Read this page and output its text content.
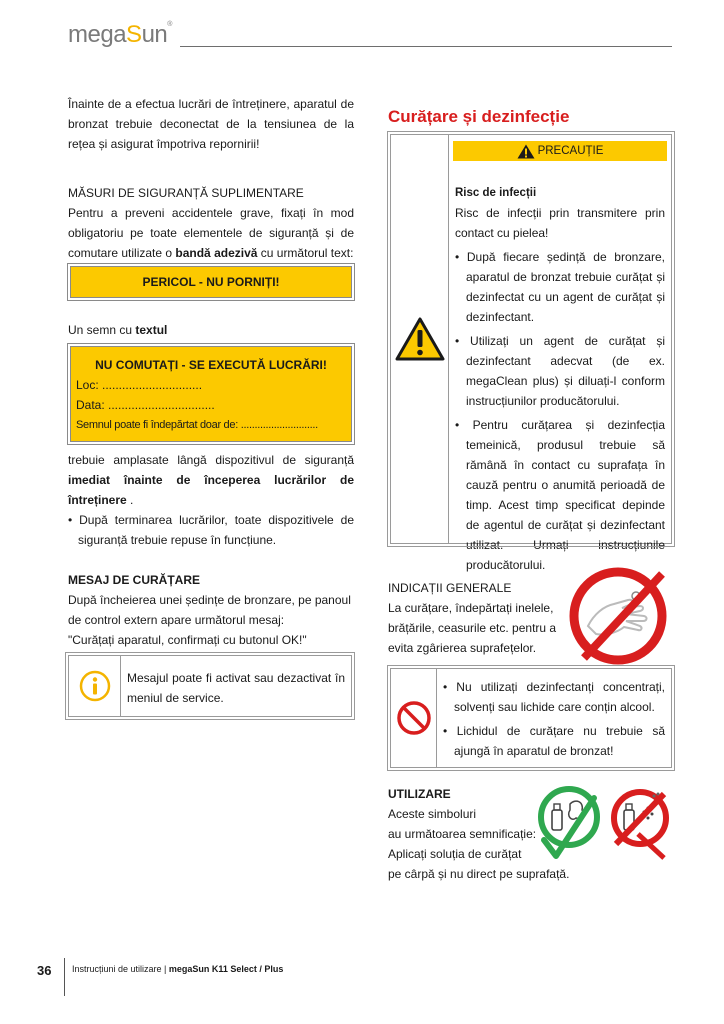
megaSun®

Înainte de a efectua lucrări de întreținere, aparatul de bronzat trebuie deconectat de la tensiunea de la rețea și asigurat împotriva repornirii!

MĂSURI DE SIGURANȚĂ SUPLIMENTARE

Pentru a preveni accidentele grave, fixați în mod obligatoriu pe toate elementele de siguranță și de comutare utilizate o bandă adezivă cu următorul text:

PERICOL - NU PORNIȚI!

Un semn cu textul

NU COMUTAȚI - SE EXECUTĂ LUCRĂRI!
Loc: ..............................
Data: ................................
Semnul poate fi îndepărtat doar de: ............................

trebuie amplasate lângă dispozitivul de siguranță imediat înainte de începerea lucrărilor de întreținere .

• După terminarea lucrărilor, toate dispozitivele de siguranță trebuie repuse în funcțiune.

MESAJ DE CURĂȚARE

După încheierea unei ședințe de bronzare, pe panoul de control extern apare următorul mesaj:

"Curățați aparatul, confirmați cu butonul OK!"

Mesajul poate fi activat sau dezactivat în meniul de service.
Curățare și dezinfecție
PRECAUȚIE

Risc de infecții

Risc de infecții prin transmitere prin contact cu pielea!

• După fiecare ședință de bronzare, aparatul de bronzat trebuie curățat și dezinfectat cu un agent de curățat și dezinfectant.

• Utilizați un agent de curățat și dezinfectant adecvat (de ex. megaClean plus) și diluați-l conform instrucțiunilor producătorului.

• Pentru curățarea și dezinfecția temeinică, produsul trebuie să rămână în contact cu suprafața în cauză pentru o anumită perioadă de timp. Acest timp specificat depinde de agentul de curățat și dezinfectant utilizat. Urmați instrucțiunile producătorului.

INDICAȚII GENERALE

La curățare, îndepărtați inelele, brățările, ceasurile etc. pentru a evita zgârierea suprafețelor.

• Nu utilizați dezinfectanți concentrați, solvenți sau lichide care conțin alcool.

• Lichidul de curățare nu trebuie să ajungă în aparatul de bronzat!

UTILIZARE

Aceste simboluri

au următoarea semnificație:

Aplicați soluția de curățat

pe cârpă și nu direct pe suprafață.

36 Instrucțiuni de utilizare | megaSun K11 Select / Plus
